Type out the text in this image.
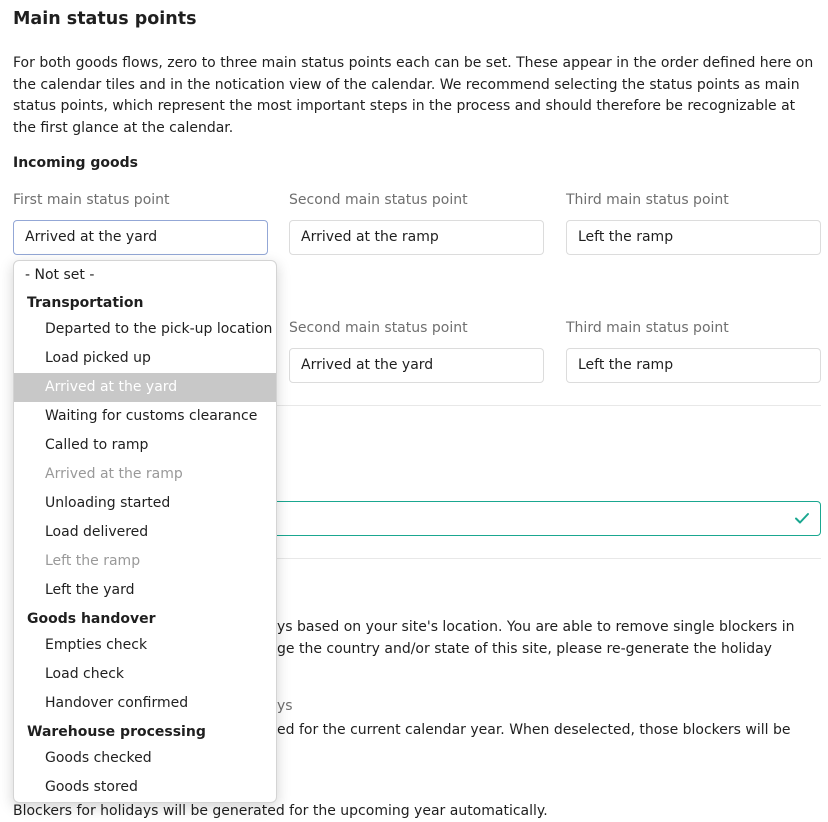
Main status points

For both goods flows, zero to three main status points each can be set. These appear in the order defined here on the calendar tiles and in the notication view of the calendar. We recommend selecting the status points as main status points, which represent the most important steps in the process and should therefore be recognizable at the first glance at the calendar.

Incoming goods
First main status point	Second main status point	Third main status point
Arrived at the yard	Arrived at the ramp	Left the ramp
Second main status point	Third main status point
Arrived at the yard	Left the ramp
ys based on your site's location. You are able to remove single blockers in
ge the country and/or state of this site, please re-generate the holiday
ys
ed for the current calendar year. When deselected, those blockers will be
Blockers for holidays will be generated for the upcoming year automatically.
- Not set -
Transportation
Departed to the pick-up location
Load picked up
Arrived at the yard
Waiting for customs clearance
Called to ramp
Arrived at the ramp
Unloading started
Load delivered
Left the ramp
Left the yard
Goods handover
Empties check
Load check
Handover confirmed
Warehouse processing
Goods checked
Goods stored
